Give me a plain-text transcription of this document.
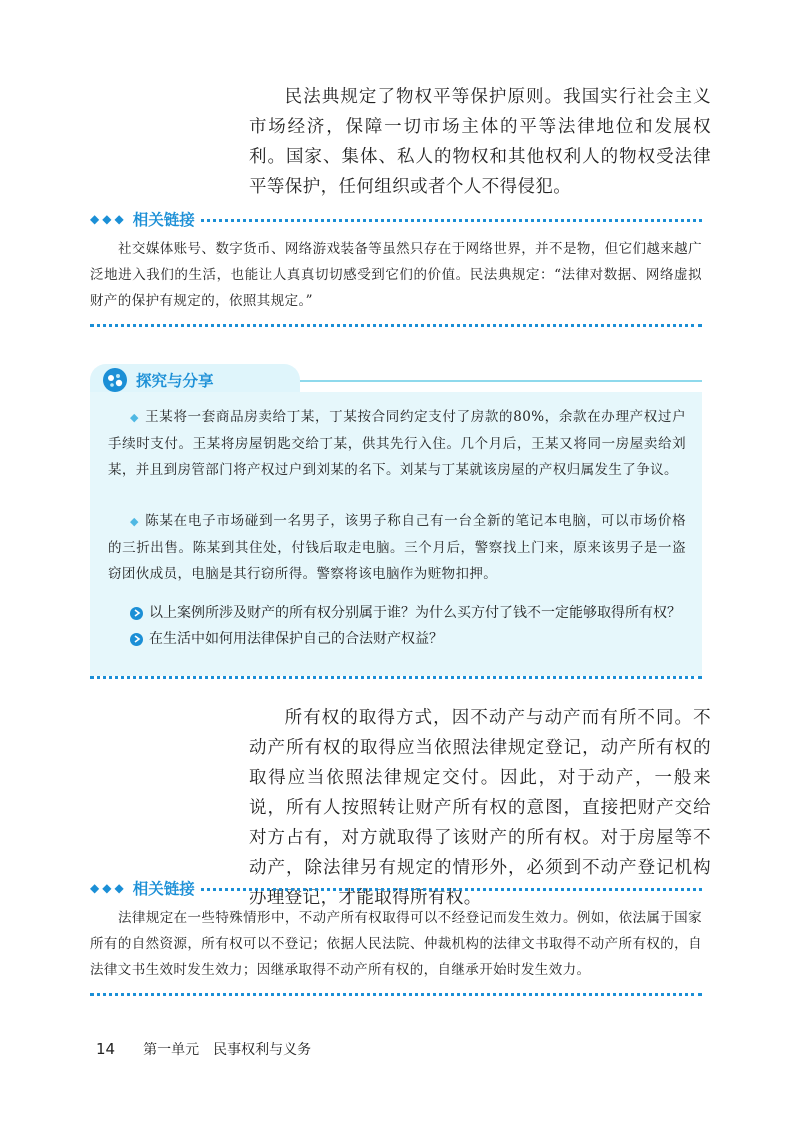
民法典规定了物权平等保护原则。我国实行社会主义市场经济，保障一切市场主体的平等法律地位和发展权利。国家、集体、私人的物权和其他权利人的物权受法律平等保护，任何组织或者个人不得侵犯。

◆◆◆ 相关链接

社交媒体账号、数字货币、网络游戏装备等虽然只存在于网络世界，并不是物，但它们越来越广泛地进入我们的生活，也能让人真真切切感受到它们的价值。民法典规定：“法律对数据、网络虚拟财产的保护有规定的，依照其规定。”

探究与分享

◆ 王某将一套商品房卖给丁某，丁某按合同约定支付了房款的80%，余款在办理产权过户手续时支付。王某将房屋钥匙交给丁某，供其先行入住。几个月后，王某又将同一房屋卖给刘某，并且到房管部门将产权过户到刘某的名下。刘某与丁某就该房屋的产权归属发生了争议。

◆ 陈某在电子市场碰到一名男子，该男子称自己有一台全新的笔记本电脑，可以市场价格的三折出售。陈某到其住处，付钱后取走电脑。三个月后，警察找上门来，原来该男子是一盗窃团伙成员，电脑是其行窃所得。警察将该电脑作为赃物扣押。

以上案例所涉及财产的所有权分别属于谁？为什么买方付了钱不一定能够取得所有权？
在生活中如何用法律保护自己的合法财产权益？

所有权的取得方式，因不动产与动产而有所不同。不动产所有权的取得应当依照法律规定登记，动产所有权的取得应当依照法律规定交付。因此，对于动产，一般来说，所有人按照转让财产所有权的意图，直接把财产交给对方占有，对方就取得了该财产的所有权。对于房屋等不动产，除法律另有规定的情形外，必须到不动产登记机构办理登记，才能取得所有权。

◆◆◆ 相关链接

法律规定在一些特殊情形中，不动产所有权取得可以不经登记而发生效力。例如，依法属于国家所有的自然资源，所有权可以不登记；依据人民法院、仲裁机构的法律文书取得不动产所有权的，自法律文书生效时发生效力；因继承取得不动产所有权的，自继承开始时发生效力。

14 第一单元 民事权利与义务
